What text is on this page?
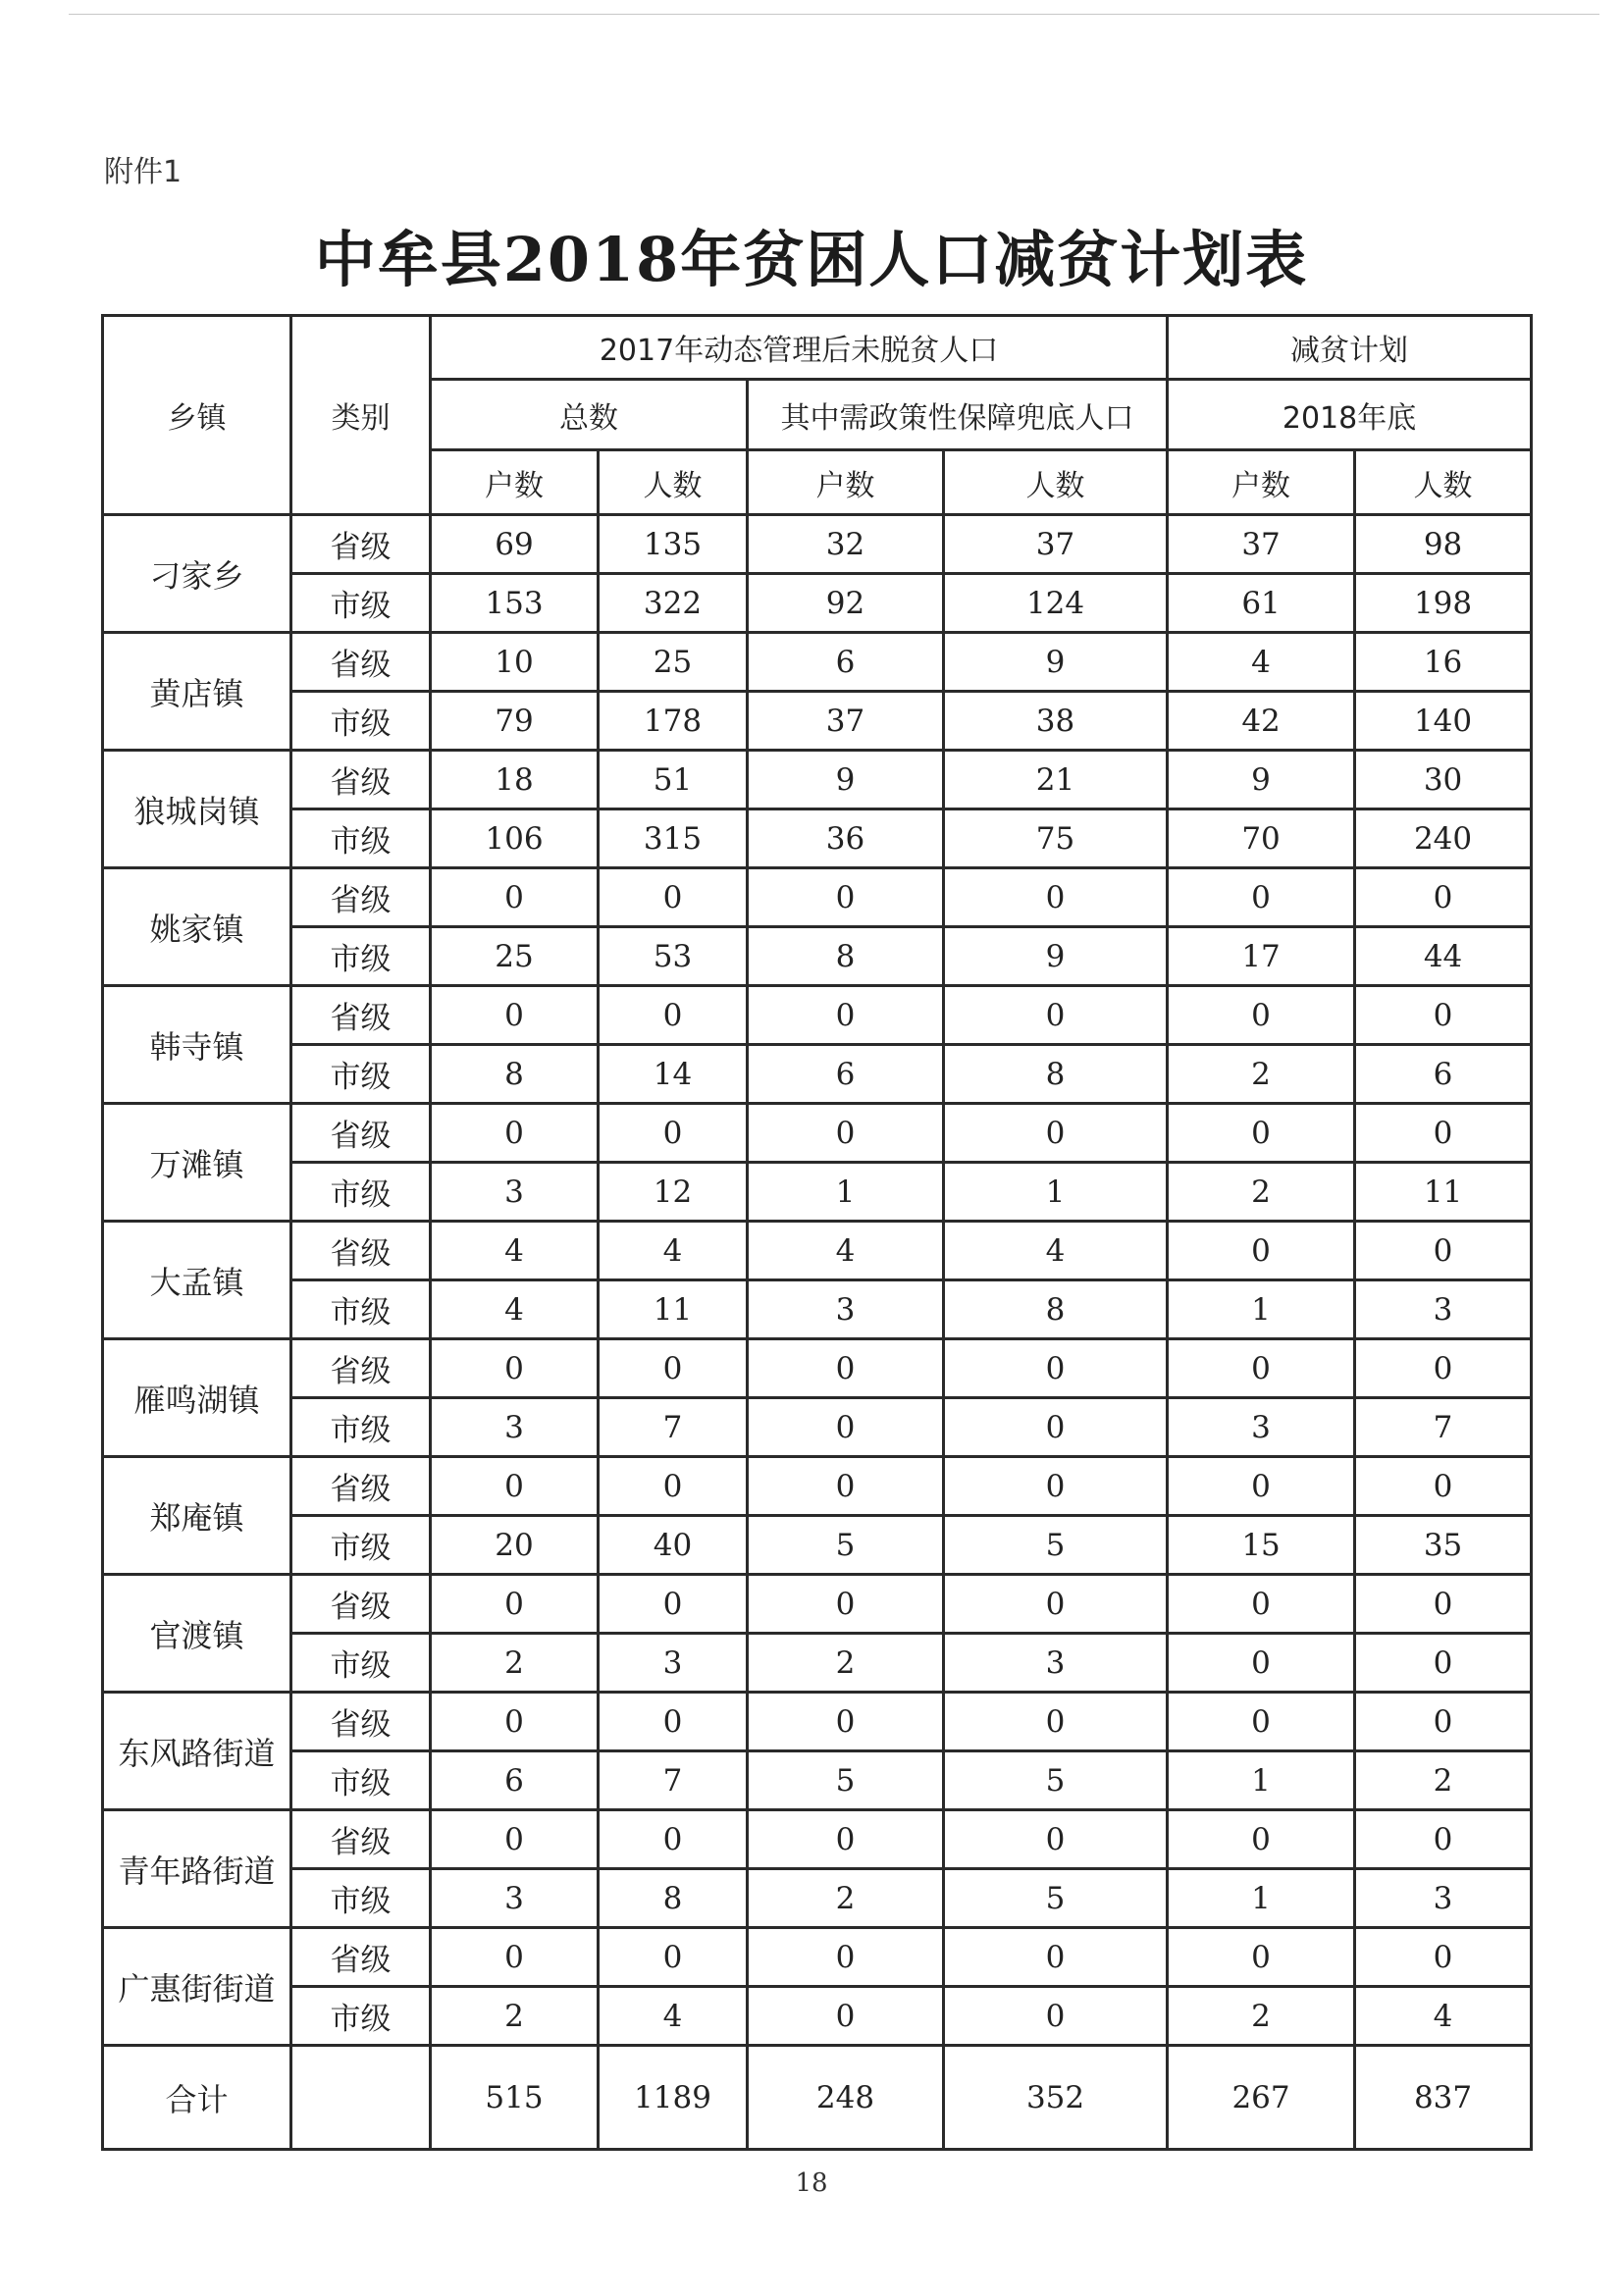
附件1
中牟县2018年贫困人口减贫计划表
乡镇	类别	2017年动态管理后未脱贫人口				减贫计划	
		总数		其中需政策性保障兜底人口		2018年底	
		户数	人数	户数	人数	户数	人数
刁家乡	省级	69	135	32	37	37	98
	市级	153	322	92	124	61	198
黄店镇	省级	10	25	6	9	4	16
	市级	79	178	37	38	42	140
狼城岗镇	省级	18	51	9	21	9	30
	市级	106	315	36	75	70	240
姚家镇	省级	0	0	0	0	0	0
	市级	25	53	8	9	17	44
韩寺镇	省级	0	0	0	0	0	0
	市级	8	14	6	8	2	6
万滩镇	省级	0	0	0	0	0	0
	市级	3	12	1	1	2	11
大孟镇	省级	4	4	4	4	0	0
	市级	4	11	3	8	1	3
雁鸣湖镇	省级	0	0	0	0	0	0
	市级	3	7	0	0	3	7
郑庵镇	省级	0	0	0	0	0	0
	市级	20	40	5	5	15	35
官渡镇	省级	0	0	0	0	0	0
	市级	2	3	2	3	0	0
东风路街道	省级	0	0	0	0	0	0
	市级	6	7	5	5	1	2
青年路街道	省级	0	0	0	0	0	0
	市级	3	8	2	5	1	3
广惠街街道	省级	0	0	0	0	0	0
	市级	2	4	0	0	2	4
合计		515	1189	248	352	267	837
18
